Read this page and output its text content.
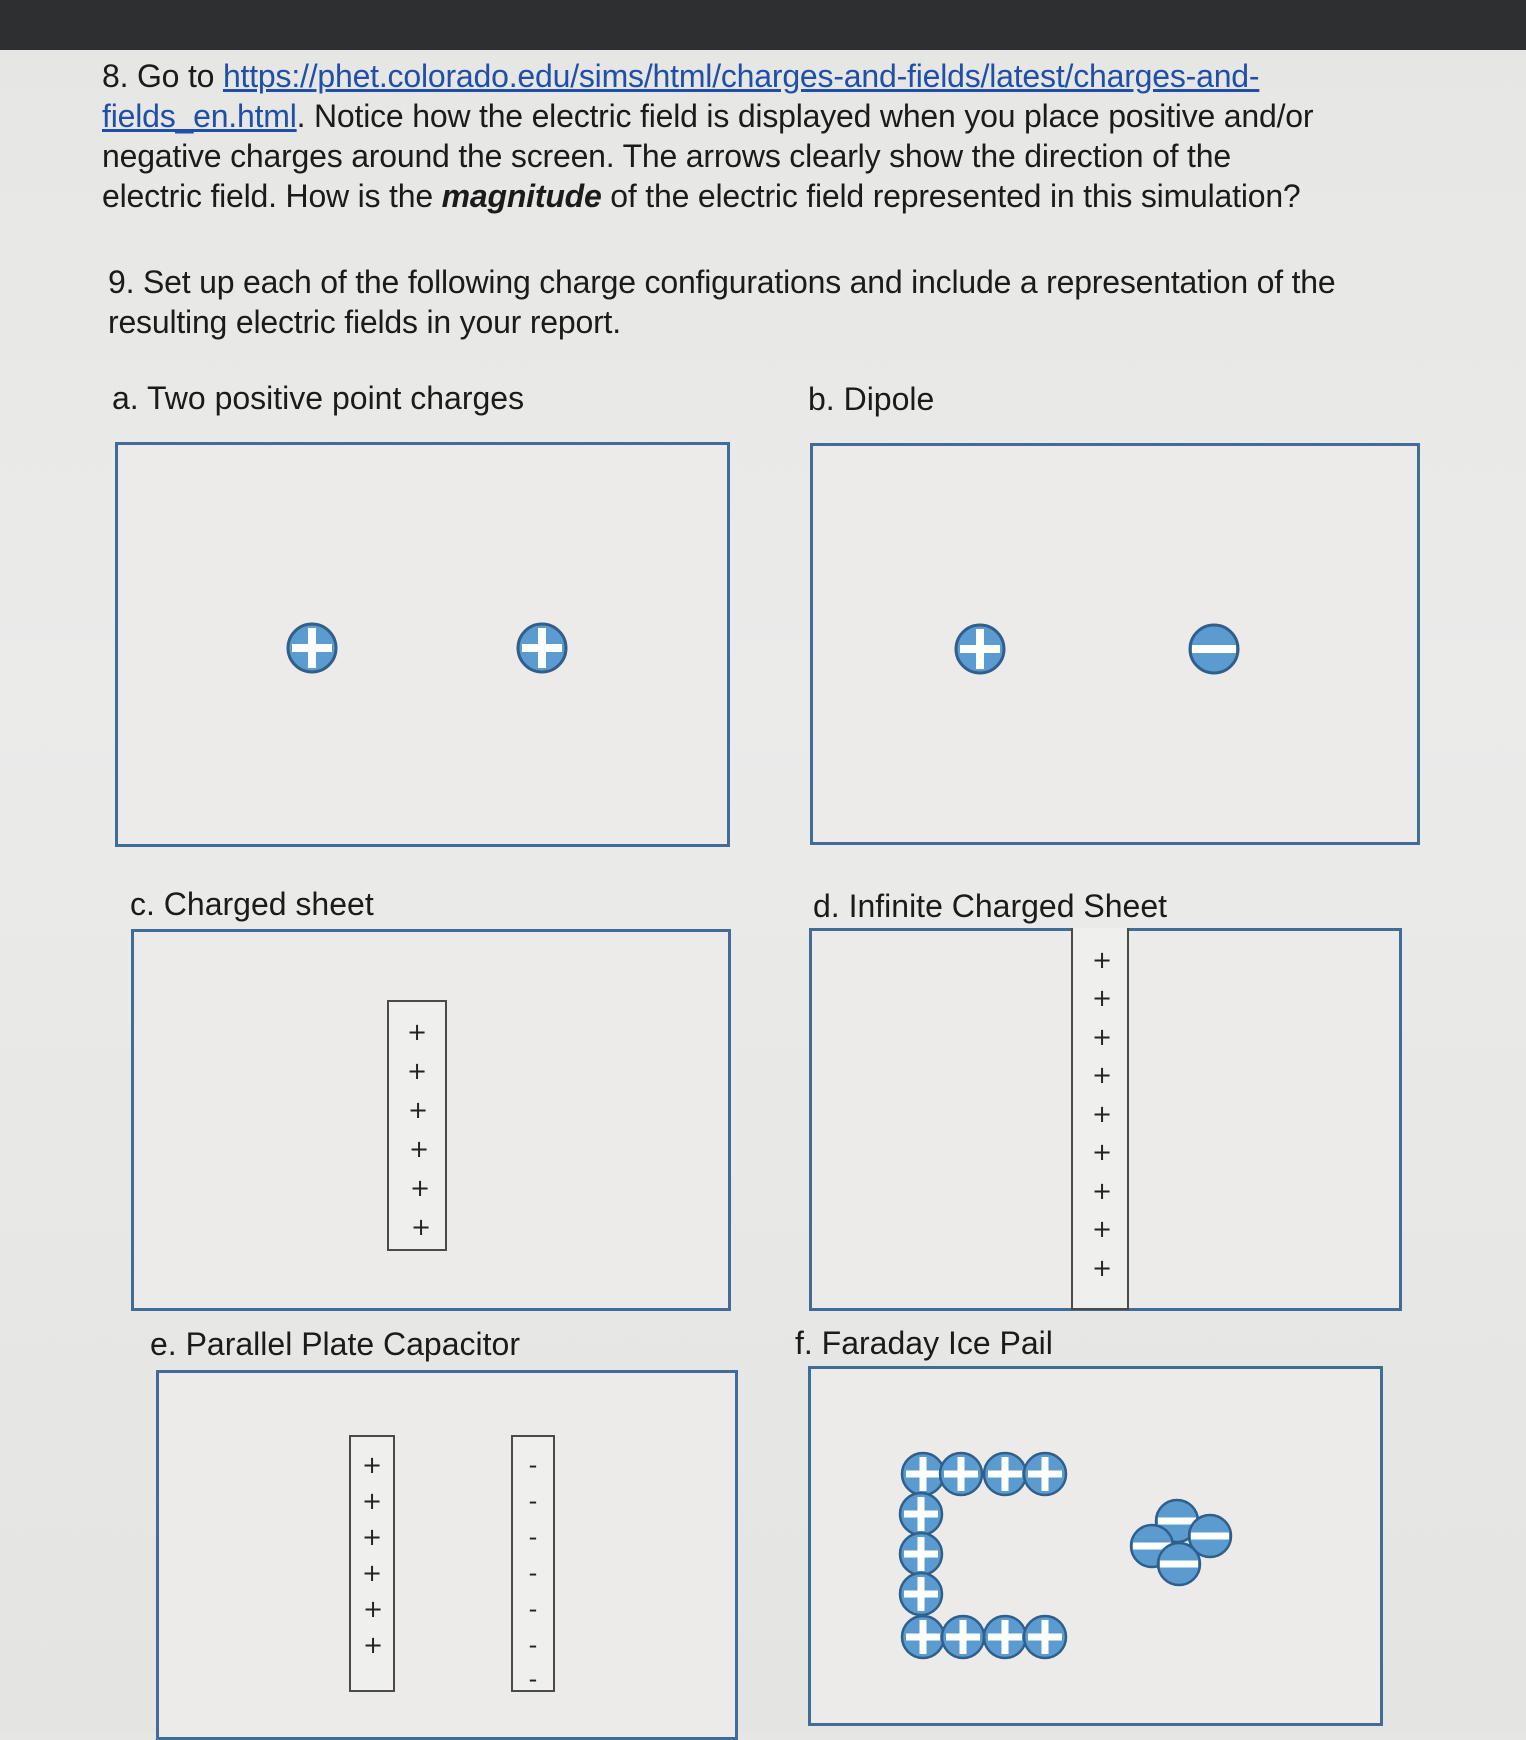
8. Go to https://phet.colorado.edu/sims/html/charges-and-fields/latest/charges-and-
fields_en.html. Notice how the electric field is displayed when you place positive and/or
negative charges around the screen. The arrows clearly show the direction of the
electric field. How is the magnitude of the electric field represented in this simulation?
9. Set up each of the following charge configurations and include a representation of the
resulting electric fields in your report.
a. Two positive point charges	b. Dipole
c. Charged sheet	d. Infinite Charged Sheet
e. Parallel Plate Capacitor	f. Faraday Ice Pail
+
+
+
+
+
+
+
+
+
+
+
+
+
+
+
+
+
+
+
+
+
-
-
-
-
-
-
-
